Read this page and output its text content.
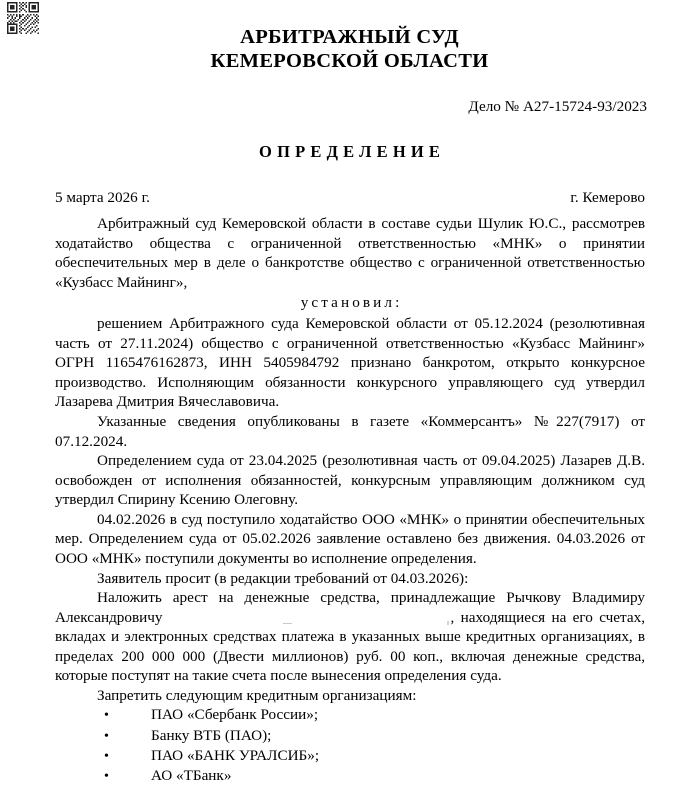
АРБИТРАЖНЫЙ СУД
КЕМЕРОВСКОЙ ОБЛАСТИ
Дело № А27-15724-93/2023
ОПРЕДЕЛЕНИЕ
5 марта 2026 г.	г. Кемерово

Арбитражный суд Кемеровской области в составе судьи Шулик Ю.С., рассмотрев ходатайство общества с ограниченной ответственностью «МНК» о принятии обеспечительных мер в деле о банкротстве общество с ограниченной ответственностью «Кузбасс Майнинг»,

установил:

решением Арбитражного суда Кемеровской области от 05.12.2024 (резолютивная часть от 27.11.2024) общество с ограниченной ответственностью «Кузбасс Майнинг» ОГРН 1165476162873, ИНН 5405984792 признано банкротом, открыто конкурсное производство. Исполняющим обязанности конкурсного управляющего суд утвердил Лазарева Дмитрия Вячеславовича.

Указанные сведения опубликованы в газете «Коммерсантъ» №227(7917) от 07.12.2024.

Определением суда от 23.04.2025 (резолютивная часть от 09.04.2025) Лазарев Д.В. освобожден от исполнения обязанностей, конкурсным управляющим должником суд утвердил Спирину Ксению Олеговну.

04.02.2026 в суд поступило ходатайство ООО «МНК» о принятии обеспечительных мер. Определением суда от 05.02.2026 заявление оставлено без движения. 04.03.2026 от ООО «МНК» поступили документы во исполнение определения.

Заявитель просит (в редакции требований от 04.03.2026):

Наложить арест на денежные средства, принадлежащие Рычкову Владимиру Александровичу	, находящиеся на его счетах, вкладах и электронных средствах платежа в указанных выше кредитных организациях, в пределах 200 000 000 (Двести миллионов) руб. 00 коп., включая денежные средства, которые поступят на такие счета после вынесения определения суда.

Запретить следующим кредитным организациям:

•	ПАО «Сбербанк России»;
•	Банку ВТБ (ПАО);
•	ПАО «БАНК УРАЛСИБ»;
•	АО «ТБанк»
